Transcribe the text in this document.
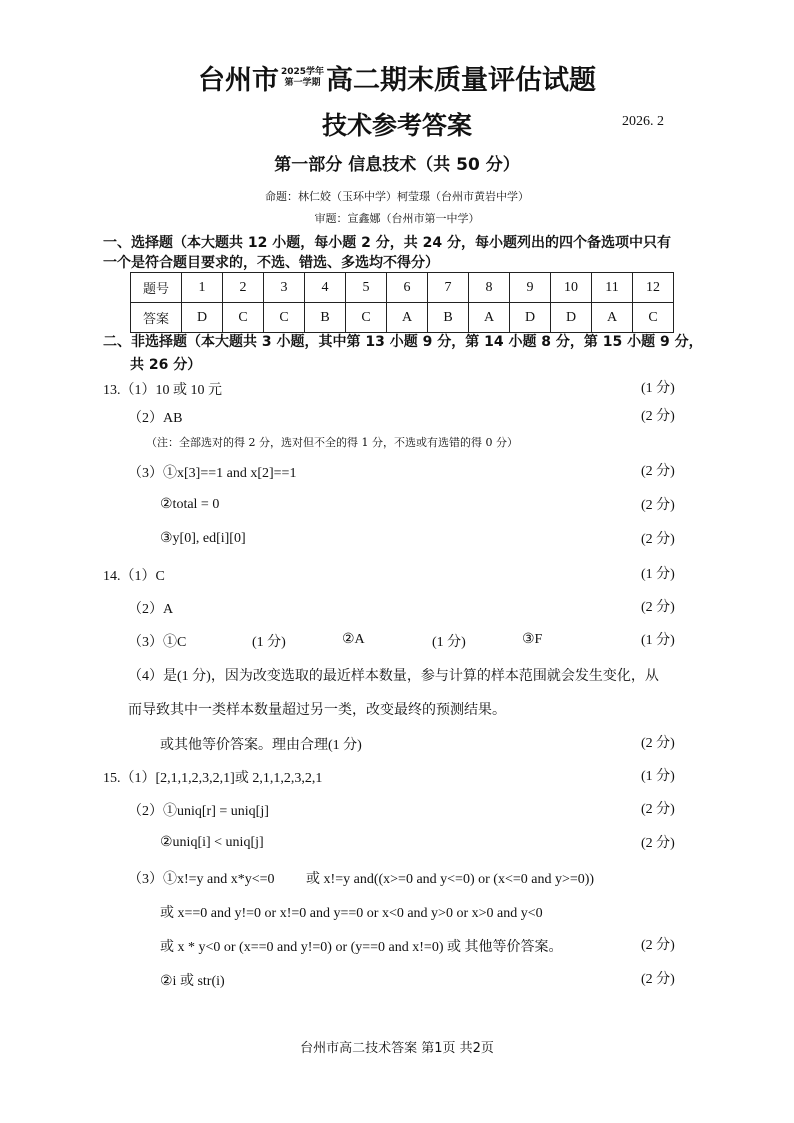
台州市 2025学年
第一学期 高二期末质量评估试题
技术参考答案	2026. 2
第一部分 信息技术（共 50 分）
命题：林仁姣（玉环中学）柯莹璟（台州市黄岩中学）
审题：宣鑫娜（台州市第一中学）
一、选择题（本大题共 12 小题，每小题 2 分，共 24 分，每小题列出的四个备选项中只有
一个是符合题目要求的，不选、错选、多选均不得分）
题号	1	2	3	4	5	6	7	8	9	10	11	12
答案	D	C	C	B	C	A	B	A	D	D	A	C
二、非选择题（本大题共 3 小题，其中第 13 小题 9 分，第 14 小题 8 分，第 15 小题 9 分，
共 26 分）
13.（1）10 或 10 元	(1 分)
（2）AB	(2 分)
（注：全部选对的得 2 分，选对但不全的得 1 分，不选或有选错的得 0 分）
（3）①x[3]==1 and x[2]==1	(2 分)
②total = 0	(2 分)
③y[0], ed[i][0]	(2 分)
14.（1）C	(1 分)
（2）A	(2 分)
（3）①C	(1 分)	②A	(1 分)	③F	(1 分)
（4）是(1 分)，因为改变选取的最近样本数量，参与计算的样本范围就会发生变化，从
而导致其中一类样本数量超过另一类，改变最终的预测结果。
或其他等价答案。理由合理(1 分)	(2 分)
15.（1）[2,1,1,2,3,2,1]或 2,1,1,2,3,2,1	(1 分)
（2）①uniq[r] = uniq[j]	(2 分)
②uniq[i] < uniq[j]	(2 分)
（3）①x!=y and x*y<=0　　 或 x!=y and((x>=0 and y<=0) or (x<=0 and y>=0))
或 x==0 and y!=0 or x!=0 and y==0 or x<0 and y>0 or x>0 and y<0
或 x * y<0 or (x==0 and y!=0) or (y==0 and x!=0) 或 其他等价答案。	(2 分)
②i 或 str(i)	(2 分)
台州市高二技术答案 第1页 共2页
